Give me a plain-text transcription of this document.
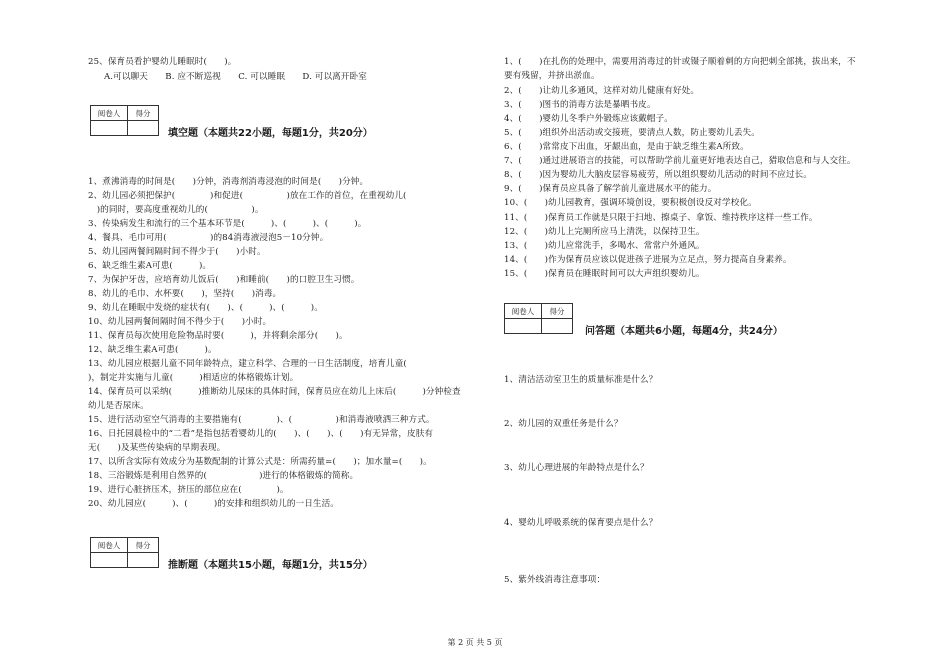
25、保育员看护婴幼儿睡眠时(　　)。
A.可以聊天　　B. 应不断巡视　　C. 可以睡眠　　D. 可以离开卧室
阅卷人	得分

填空题（本题共22小题，每题1分，共20分）
1、煮沸消毒的时间是(　　)分钟，消毒剂消毒浸泡的时间是(　　)分钟。
2、幼儿园必须把保护(　　　　)和促进(　　　　　)放在工作的首位，在重视幼儿(
　)的同时，要高度重视幼儿的(　　　　　)。
3、传染病发生和流行的三个基本环节是(　　　)、(　　　)、(　　　)。
4、餐具、毛巾可用(　　　　　)的84消毒液浸泡5－10分钟。
5、幼儿园两餐间隔时间不得少于(　　)小时。
6、缺乏维生素A可患(　　　)。
7、为保护牙齿，应培育幼儿饭后(　　)和睡前(　　)的口腔卫生习惯。
8、幼儿的毛巾、水杯要(　　)，坚持(　　)消毒。
9、幼儿在睡眠中发烧的症状有(　　)、(　　　)、(　　　)。
10、幼儿园两餐间隔时间不得少于(　　)小时。
11、保育员每次使用危险物品时要(　　　)，并将剩余部分(　　)。
12、缺乏维生素A可患(　　　)。
13、幼儿园应根据儿童不同年龄特点，建立科学、合理的一日生活制度，培育儿童(
)，制定并实施与儿童(　　　)相适应的体格锻炼计划。
14、保育员可以采纳(　　　)推断幼儿尿床的具体时间，保育员应在幼儿上床后(　　　)分钟检查
幼儿是否尿床。
15、进行活动室空气消毒的主要措施有(　　　　)、(　　　　　)和消毒液喷洒三种方式。
16、日托园晨检中的“二看”是指包括看婴幼儿的(　　)、(　　)、(　　)有无异常，皮肤有
无(　　)及某些传染病的早期表现。
17、以所含实际有效成分为基数配制的计算公式是：所需药量=(　　)；加水量=(　　)。
18、三浴锻炼是利用自然界的(　　　　　　)进行的体格锻炼的简称。
19、进行心脏挤压术，挤压的部位应在(　　　　)。
20、幼儿园应(　　　)、(　　　)的安排和组织幼儿的一日生活。
阅卷人	得分

推断题（本题共15小题，每题1分，共15分）
1、(　　)在扎伤的处理中，需要用消毒过的针或镊子顺着刺的方向把刺全部挑，拔出来，不
要有残留，并挤出淤血。
2、(　　)让幼儿多通风，这样对幼儿健康有好处。
3、(　　)图书的消毒方法是暴晒书皮。
4、(　　)婴幼儿冬季户外锻炼应该戴帽子。
5、(　　)组织外出活动或交接班，要清点人数，防止婴幼儿丢失。
6、(　　)常常皮下出血，牙龈出血，是由于缺乏维生素A所致。
7、(　　)通过进展语言的技能，可以帮助学前儿童更好地表达自己，猎取信息和与人交往。
8、(　　)因为婴幼儿大脑皮层容易疲劳，所以组织婴幼儿活动的时间不应过长。
9、(　　)保育员应具备了解学前儿童进展水平的能力。
10、(　　)幼儿园教育，强调环境创设，要积极创设反对学校化。
11、(　　)保育员工作就是只限于扫地、擦桌子、拿饭、维持秩序这样一些工作。
12、(　　)幼儿上完厕所应马上清洗，以保持卫生。
13、(　　)幼儿应常洗手，多喝水、常常户外通风。
14、(　　)作为保育员应该以促进孩子进展为立足点，努力提高自身素养。
15、(　　)保育员在睡眠时间可以大声组织婴幼儿。
阅卷人	得分

问答题（本题共6小题，每题4分，共24分）
1、清洁活动室卫生的质量标准是什么？
2、幼儿园的双重任务是什么？
3、幼儿心理进展的年龄特点是什么？
4、婴幼儿呼吸系统的保育要点是什么？
5、紫外线消毒注意事项：
第 2 页 共 5 页
